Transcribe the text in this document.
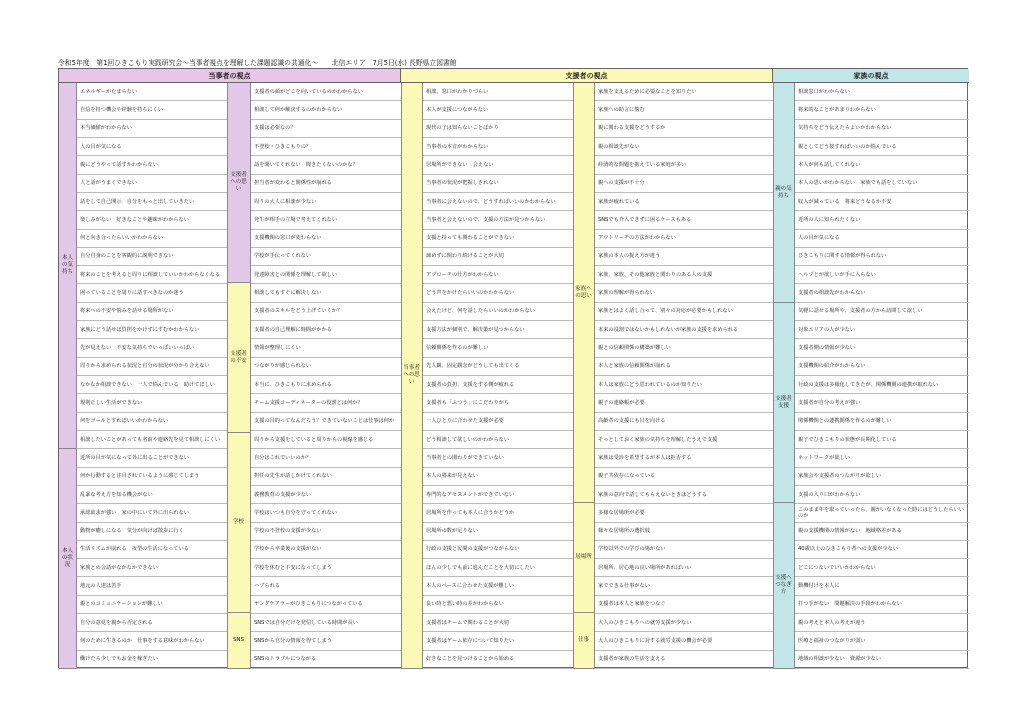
令和5年度　第1回ひきこもり実践研究会～当事者視点を理解した課題認識の共通化～　　北信エリア　7月5日(水) 長野県立図書館
当事者の視点	支援者の視点	家族の視点
本人の気持ち
本人の状況
エネルギーがたまらない
自信を持つ機会や経験を持ちにくい
本当価値がわからない
人の目が気になる
親にどうやって話すかわからない
人と話がうまくできない
話をして自己開示　自分をもっと出していきたい
楽しみがない　好きなことや趣味がわからない
何と向き合ったらいいかわからない
自分自身のことを客観的に説明できない
将来のことを考えると周りに相談していいかわからなくなる
困っていることを周りに話すべきなのか迷う
将来への不安や悩みを話せる場所がない
家族にどう話せば負担をかけずにすむかわからない
先が見えない　不安な気持ちでいっぱいいっぱい
周りから求められる状況と自分の状況が分かり合えない
なかなか相談できない　一人で悩んでいる　助けてほしい
規則正しい生活ができない
何をゴールとすればいいかわからない
相談したいことがあっても名前や連絡先を見て相談しにくい
近所の目が気になって外に出ることができない
何か行動すると注目されているように感じてしまう
乱暴な考え方を知る機会がない
承認欲求が強い　家の中にいて外に出られない
動物が癒しになる　気分が向けば散歩に行く
生活リズムが崩れる　夜型の生活になっている
家族との会話がなかなかできない
地元の人達は苦手
親とのコミュニケーションが難しい
自分の意見を親から否定される
何のために生きるのか　仕事をする意味がわからない
働けたら少しでもお金を稼ぎたい
支援者への思い
支援者の不安
学校
SNS
支援者の顔がどこを向いているのかわからない
相談して何か解決するのかわからない
支援は必要なの？
不登校・ひきこもりの？
話を聞いてくれない　聞きたくないのかな？
担当者が変わると関係性が崩れる
周りの大人に相談が少ない
発生が相手の立場で考えてくれない
支援機関の窓口が変わらない
学校が手伝ってくれない
発達障害との関係を理解して欲しい
相談してもすぐに解決しない
支援者のスキルをどう上げていくか？
支援者の自己理解に時間がかかる
情報が整理しにくい
つながりが感じられない
本当に、ひきこもりに求められる
チーム支援コーディネーターの役割とは何か？
支援の目的ってなんだろう？できていないことは仕事は何か
周りから支援をしていると周りからの視線を感じる
自分はこれでいいのか？
担任の先生が話しかけてくれない
義務教育の支援が少ない
学校はいつも自分を守ってくれない
学校の不登校の支援が少ない
学校から卒業後の支援がない
学校を休むと不安になってしまう
ハブられる
ヤングケアラーがひきこもりにつながっている
SNSでは自分だけを発信している時間が長い
SNSから自分の情報を得てしまう
SNSのトラブルにつながる
当事者への思い
相談、窓口がわかりづらい
本人が支援につながらない
現代の子は知らないことばかり
当事者の本音がわからない
居場所ができない　会えない
当事者の状況が把握しきれない
当事者に会えないので、どうすればいいのかわからない
当事者と会えないので、支援の方法が見つからない
支援と持っても関わることができない
諦めずに関わり続けることが大切
アプローチの仕方がわからない
どう声をかけたらいいのかわからない
会えたけど、何を話したらいいのかわからない
支援方法が個別で、解決策が見つからない
信頼関係を作るのが難しい
先人観、固定観念がどうしても出てくる
支援者の負担、支援をする側が疲れる
支援者も「ふつう」にこだわりがち
一人ひとりに合わせた支援が必要
どう相談して欲しいのかわからない
当事者との関わりができていない
本人の将来が見えない
専門的なアセスメントができていない
居場所を作っても本人に合うかどうか
居場所の数が足りない
行政の支援と民間の支援がつながらない
ほんの少しでも前に進んだことを大切にしたい
本人のペースに合わせた支援が難しい
良い時と悪い時の差がわからない
支援者はチームで関わることが大切
支援者はゲーム依存について知りたい
好きなことを見つけることから始める
家族への思い
居場所
仕事
家族を支えるために必要なことを知りたい
家族への助言に悩む
親に関わる支援をどうするか
親の相談先がない
経済的な問題を抱えている家庭が多い
親への支援が不十分
家族が疲れている
SNSでも介入できずに困るケースもある
アウトリーチの方法がわからない
家族の本人の捉え方が違う
家族、家族、その他家族と関わりのある人の支援
家族の理解が得られない
家族とはよく話し合って、別々の対応が必要かもしれない
本来の役割ではないかもしれないが家族の支援を求められる
親との信頼関係の構築が難しい
本人と家族の信頼関係が崩れる
本人は家族にどう思われているのか知りたい
親子の連絡帳が必要
高齢者の支援にも目を向ける
そっとしておく家族の気持ちを理解したうえで支援
家族は受診を希望するが本人は拒否する
親子共依存になっている
家族の意向で話してもらえないときはどうする
多様な居場所が必要
様々な居場所の選択肢
学校以外での学びの場がない
居場所、居心地の良い場所があればいい
家でできる仕事がない
支援者は本人と家族をつなぐ
大人のひきこもりへの就労支援が少ない
大人のひきこもりに対する就労支援の機会が必要
支援者が家族の生活を支える
親の気持ち
支援者支援
支援へつなぎ方
相談窓口がわからない
将来的なことがあまりわからない
気持ちをどう伝えたらよいかわからない
親としてどう接すればいいのか悩んでいる
本人が何も話してくれない
本人の思いがわからない　家族でも話をしていない
収入が減っている　将来どうなるか不安
近所の人に知られたくない
人の目が気になる
ひきこもりに関する情報が得られない
ヘルプとが欲しいが手に入らない
支援者の相談先がわからない
気軽に話せる場所や、支援者の方から訪問して欲しい
対象エリアの人が少ない
支援者側の情報が少ない
支援機関の紹介がわからない
行政の支援は多様化してきたが、関係機関の連携が取れない
支援者が自分の考えが強い
関係機関との連携関係を作るのが難しい
親子でひきこもりの状態が長期化している
ネットワークが欲しい
家族会や支援者のつながりが欲しい
支援の入り口がわからない
このまま年を取っていったら、親がいなくなった時にはどうしたらいいのか
親の支援機関の情報がない　地域格差がある
40歳以上のひきこもり者への支援が少ない
どこにつないでいいかわからない
動機付けを本人に
打つ手がない　問題解決の手段がわからない
親の考えと本人の考えが違う
医療と福祉のつながりが弱い
地域の相談が少ない　資源が少ない
